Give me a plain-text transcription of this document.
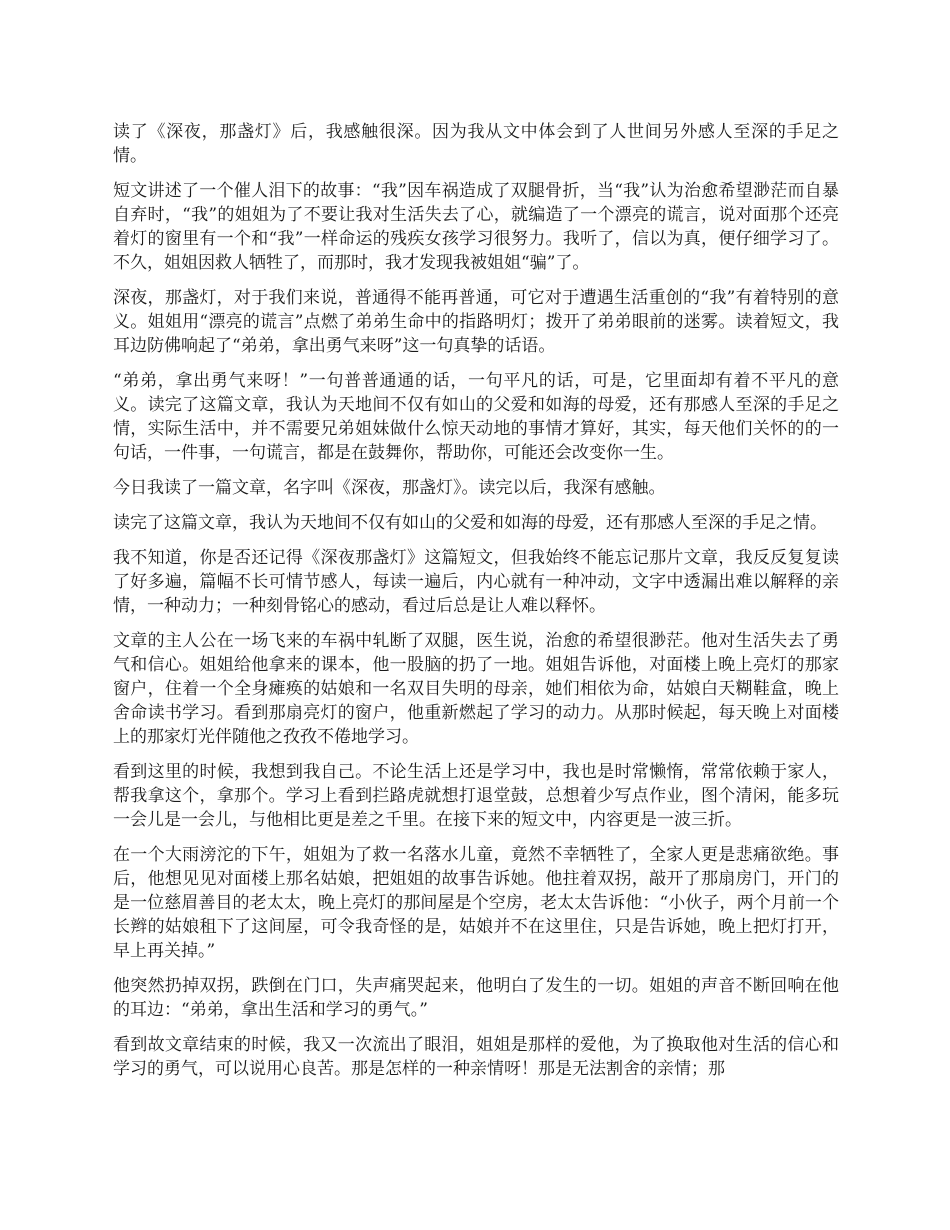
读了《深夜，那盏灯》后，我感触很深。因为我从文中体会到了人世间另外感人至深的手足之情。

短文讲述了一个催人泪下的故事：“我”因车祸造成了双腿骨折，当“我”认为治愈希望渺茫而自暴自弃时，“我”的姐姐为了不要让我对生活失去了心，就编造了一个漂亮的谎言，说对面那个还亮着灯的窗里有一个和“我”一样命运的残疾女孩学习很努力。我听了，信以为真，便仔细学习了。不久，姐姐因救人牺牲了，而那时，我才发现我被姐姐“骗”了。

深夜，那盏灯，对于我们来说，普通得不能再普通，可它对于遭遇生活重创的“我”有着特别的意义。姐姐用“漂亮的谎言”点燃了弟弟生命中的指路明灯；拨开了弟弟眼前的迷雾。读着短文，我耳边防佛响起了“弟弟，拿出勇气来呀”这一句真挚的话语。

“弟弟，拿出勇气来呀！”一句普普通通的话，一句平凡的话，可是，它里面却有着不平凡的意义。读完了这篇文章，我认为天地间不仅有如山的父爱和如海的母爱，还有那感人至深的手足之情，实际生活中，并不需要兄弟姐妹做什么惊天动地的事情才算好，其实，每天他们关怀的的一句话，一件事，一句谎言，都是在鼓舞你，帮助你，可能还会改变你一生。

今日我读了一篇文章，名字叫《深夜，那盏灯》。读完以后，我深有感触。

读完了这篇文章，我认为天地间不仅有如山的父爱和如海的母爱，还有那感人至深的手足之情。

我不知道，你是否还记得《深夜那盏灯》这篇短文，但我始终不能忘记那片文章，我反反复复读了好多遍，篇幅不长可情节感人，每读一遍后，内心就有一种冲动，文字中透漏出难以解释的亲情，一种动力；一种刻骨铭心的感动，看过后总是让人难以释怀。

文章的主人公在一场飞来的车祸中轧断了双腿，医生说，治愈的希望很渺茫。他对生活失去了勇气和信心。姐姐给他拿来的课本，他一股脑的扔了一地。姐姐告诉他，对面楼上晚上亮灯的那家窗户，住着一个全身瘫痪的姑娘和一名双目失明的母亲，她们相依为命，姑娘白天糊鞋盒，晚上舍命读书学习。看到那扇亮灯的窗户，他重新燃起了学习的动力。从那时候起，每天晚上对面楼上的那家灯光伴随他之孜孜不倦地学习。

看到这里的时候，我想到我自己。不论生活上还是学习中，我也是时常懒惰，常常依赖于家人，帮我拿这个，拿那个。学习上看到拦路虎就想打退堂鼓，总想着少写点作业，图个清闲，能多玩一会儿是一会儿，与他相比更是差之千里。在接下来的短文中，内容更是一波三折。

在一个大雨滂沱的下午，姐姐为了救一名落水儿童，竟然不幸牺牲了，全家人更是悲痛欲绝。事后，他想见见对面楼上那名姑娘，把姐姐的故事告诉她。他拄着双拐，敲开了那扇房门，开门的是一位慈眉善目的老太太，晚上亮灯的那间屋是个空房，老太太告诉他：“小伙子，两个月前一个长辫的姑娘租下了这间屋，可令我奇怪的是，姑娘并不在这里住，只是告诉她，晚上把灯打开，早上再关掉。”

他突然扔掉双拐，跌倒在门口，失声痛哭起来，他明白了发生的一切。姐姐的声音不断回响在他的耳边：“弟弟，拿出生活和学习的勇气。”

看到故文章结束的时候，我又一次流出了眼泪，姐姐是那样的爱他，为了换取他对生活的信心和学习的勇气，可以说用心良苦。那是怎样的一种亲情呀！那是无法割舍的亲情；那
